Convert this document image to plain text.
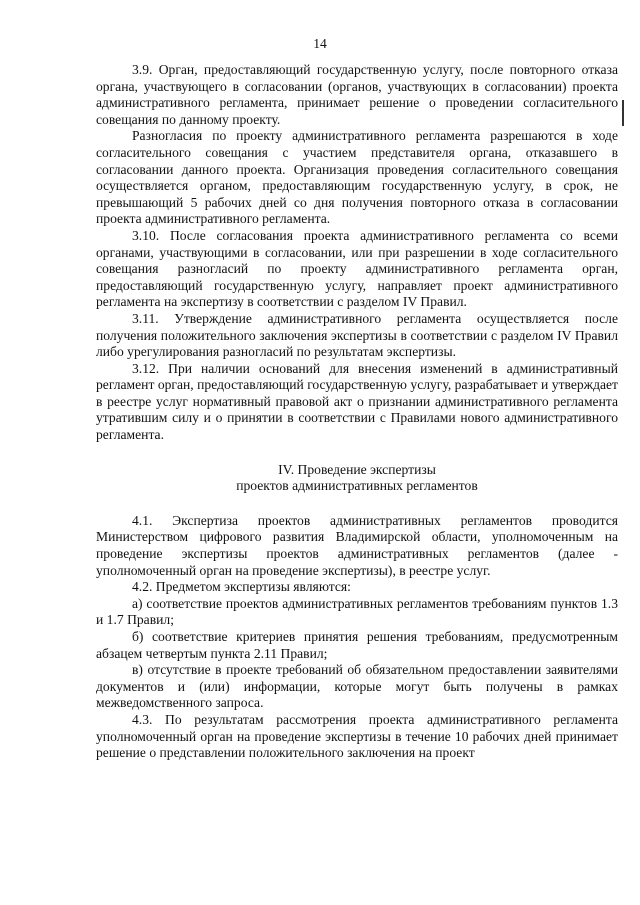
14

3.9. Орган, предоставляющий государственную услугу, после повторного отказа органа, участвующего в согласовании (органов, участвующих в согласовании) проекта административного регламента, принимает решение о проведении согласительного совещания по данному проекту.

Разногласия по проекту административного регламента разрешаются в ходе согласительного совещания с участием представителя органа, отказавшего в согласовании данного проекта. Организация проведения согласительного совещания осуществляется органом, предоставляющим государственную услугу, в срок, не превышающий 5 рабочих дней со дня получения повторного отказа в согласовании проекта административного регламента.

3.10. После согласования проекта административного регламента со всеми органами, участвующими в согласовании, или при разрешении в ходе согласительного совещания разногласий по проекту административного регламента орган, предоставляющий государственную услугу, направляет проект административного регламента на экспертизу в соответствии с разделом IV Правил.

3.11. Утверждение административного регламента осуществляется после получения положительного заключения экспертизы в соответствии с разделом IV Правил либо урегулирования разногласий по результатам экспертизы.

3.12. При наличии оснований для внесения изменений в административный регламент орган, предоставляющий государственную услугу, разрабатывает и утверждает в реестре услуг нормативный правовой акт о признании административного регламента утратившим силу и о принятии в соответствии с Правилами нового административного регламента.

IV. Проведение экспертизы

проектов административных регламентов

4.1. Экспертиза проектов административных регламентов проводится Министерством цифрового развития Владимирской области, уполномоченным на проведение экспертизы проектов административных регламентов (далее - уполномоченный орган на проведение экспертизы), в реестре услуг.

4.2. Предметом экспертизы являются:

а) соответствие проектов административных регламентов требованиям пунктов 1.3 и 1.7 Правил;

б) соответствие критериев принятия решения требованиям, предусмотренным абзацем четвертым пункта 2.11 Правил;

в) отсутствие в проекте требований об обязательном предоставлении заявителями документов и (или) информации, которые могут быть получены в рамках межведомственного запроса.

4.3. По результатам рассмотрения проекта административного регламента уполномоченный орган на проведение экспертизы в течение 10 рабочих дней принимает решение о представлении положительного заключения на проект
